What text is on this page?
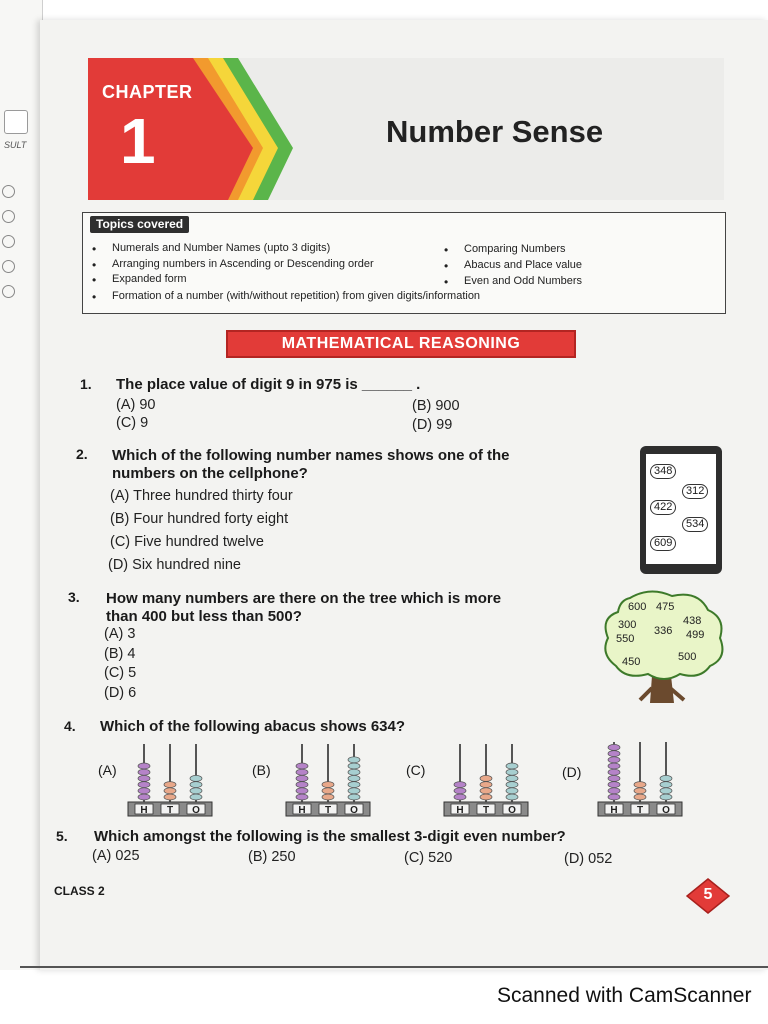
SULT
CHAPTER
1	Number Sense
Topics covered
• Numerals and Number Names (upto 3 digits)
• Arranging numbers in Ascending or Descending order
• Expanded form
• Formation of a number (with/without repetition) from given digits/information
• Comparing Numbers
• Abacus and Place value
• Even and Odd Numbers
MATHEMATICAL REASONING
1. The place value of digit 9 in 975 is ______ .
(A) 90	(B) 900
(C) 9	(D) 99
2. Which of the following number names shows one of the
numbers on the cellphone?
(A) Three hundred thirty four
(B) Four hundred forty eight
(C) Five hundred twelve
(D) Six hundred nine
348
312
422
534
609
3. How many numbers are there on the tree which is more
than 400 but less than 500?
(A) 3
(B) 4
(C) 5
(D) 6
600 475
300	438
550
336 499
450	500
4. Which of the following abacus shows 634?
(A)	(B)	(C)	(D)
H T O	H T O	H T O	H T O
5. Which amongst the following is the smallest 3-digit even number?
(A) 025	(B) 250	(C) 520	(D) 052
CLASS 2	5
Scanned with CamScanner
